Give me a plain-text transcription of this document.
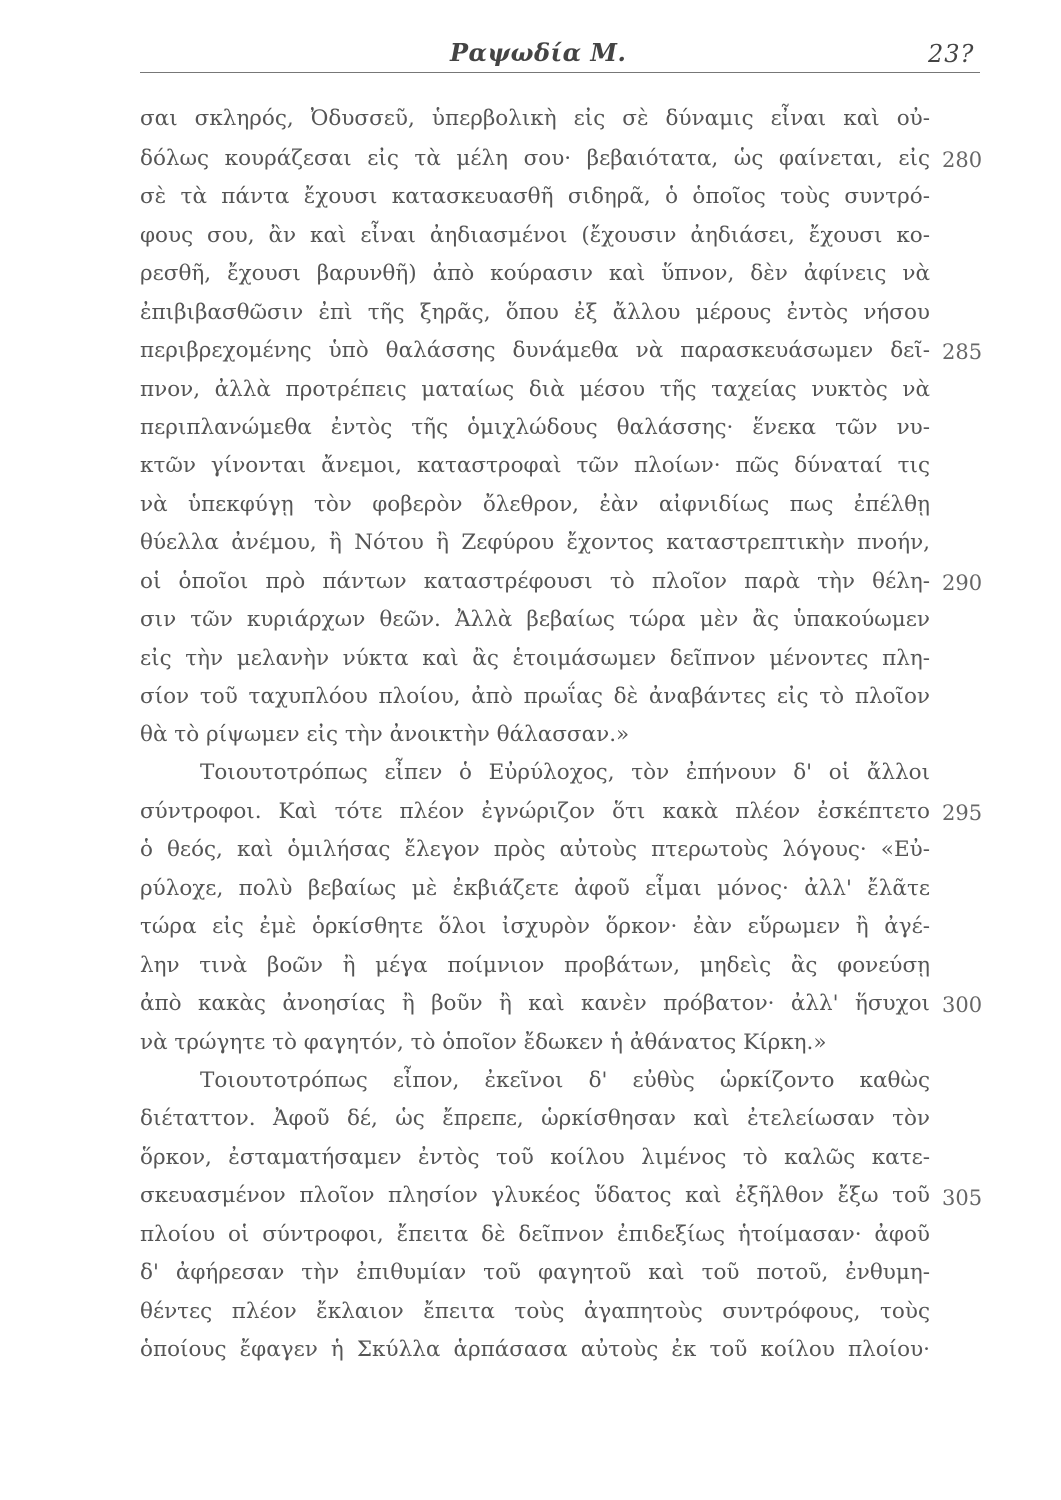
Ραψωδία Μ.	23?
σαι σκληρός, Ὀδυσσεῦ, ὑπερβολικὴ εἰς σὲ δύναμις εἶναι καὶ οὐ-
δόλως κουράζεσαι εἰς τὰ μέλη σου· βεβαιότατα, ὡς φαίνεται, εἰς
σὲ τὰ πάντα ἔχουσι κατασκευασθῆ σιδηρᾶ, ὁ ὁποῖος τοὺς συντρό-
φους σου, ἂν καὶ εἶναι ἀηδιασμένοι (ἔχουσιν ἀηδιάσει, ἔχουσι κο-
ρεσθῆ, ἔχουσι βαρυνθῆ) ἀπὸ κούρασιν καὶ ὕπνον, δὲν ἀφίνεις νὰ
ἐπιβιβασθῶσιν ἐπὶ τῆς ξηρᾶς, ὅπου ἐξ ἄλλου μέρους ἐντὸς νήσου
περιβρεχομένης ὑπὸ θαλάσσης δυνάμεθα νὰ παρασκευάσωμεν δεῖ-
πνον, ἀλλὰ προτρέπεις ματαίως διὰ μέσου τῆς ταχείας νυκτὸς νὰ
περιπλανώμεθα ἐντὸς τῆς ὁμιχλώδους θαλάσσης· ἕνεκα τῶν νυ-
κτῶν γίνονται ἄνεμοι, καταστροφαὶ τῶν πλοίων· πῶς δύναταί τις
νὰ ὑπεκφύγῃ τὸν φοβερὸν ὄλεθρον, ἐὰν αἰφνιδίως πως ἐπέλθῃ
θύελλα ἀνέμου, ἢ Νότου ἢ Ζεφύρου ἔχοντος καταστρεπτικὴν πνοήν,
οἱ ὁποῖοι πρὸ πάντων καταστρέφουσι τὸ πλοῖον παρὰ τὴν θέλη-
σιν τῶν κυριάρχων θεῶν. Ἀλλὰ βεβαίως τώρα μὲν ἂς ὑπακούωμεν
εἰς τὴν μελανὴν νύκτα καὶ ἂς ἑτοιμάσωμεν δεῖπνον μένοντες πλη-
σίον τοῦ ταχυπλόου πλοίου, ἀπὸ πρωΐας δὲ ἀναβάντες εἰς τὸ πλοῖον
θὰ τὸ ρίψωμεν εἰς τὴν ἀνοικτὴν θάλασσαν.»
Τοιουτοτρόπως εἶπεν ὁ Εὐρύλοχος, τὸν ἐπήνουν δ' οἱ ἄλλοι
σύντροφοι. Καὶ τότε πλέον ἐγνώριζον ὅτι κακὰ πλέον ἐσκέπτετο
ὁ θεός, καὶ ὁμιλήσας ἔλεγον πρὸς αὐτοὺς πτερωτοὺς λόγους· «Εὐ-
ρύλοχε, πολὺ βεβαίως μὲ ἐκβιάζετε ἀφοῦ εἶμαι μόνος· ἀλλ' ἔλᾶτε
τώρα εἰς ἐμὲ ὁρκίσθητε ὅλοι ἰσχυρὸν ὅρκον· ἐὰν εὕρωμεν ἢ ἀγέ-
λην τινὰ βοῶν ἢ μέγα ποίμνιον προβάτων, μηδεὶς ἂς φονεύσῃ
ἀπὸ κακὰς ἀνοησίας ἢ βοῦν ἢ καὶ κανὲν πρόβατον· ἀλλ' ἥσυχοι
νὰ τρώγητε τὸ φαγητόν, τὸ ὁποῖον ἔδωκεν ἡ ἀθάνατος Κίρκη.»
Τοιουτοτρόπως εἶπον, ἐκεῖνοι δ' εὐθὺς ὡρκίζοντο καθὼς
διέταττον. Ἀφοῦ δέ, ὡς ἔπρεπε, ὡρκίσθησαν καὶ ἐτελείωσαν τὸν
ὅρκον, ἐσταματήσαμεν ἐντὸς τοῦ κοίλου λιμένος τὸ καλῶς κατε-
σκευασμένον πλοῖον πλησίον γλυκέος ὕδατος καὶ ἐξῆλθον ἔξω τοῦ
πλοίου οἱ σύντροφοι, ἔπειτα δὲ δεῖπνον ἐπιδεξίως ἡτοίμασαν· ἀφοῦ
δ' ἀφήρεσαν τὴν ἐπιθυμίαν τοῦ φαγητοῦ καὶ τοῦ ποτοῦ, ἐνθυμη-
θέντες πλέον ἔκλαιον ἔπειτα τοὺς ἀγαπητοὺς συντρόφους, τοὺς
ὁποίους ἔφαγεν ἡ Σκύλλα ἁρπάσασα αὐτοὺς ἐκ τοῦ κοίλου πλοίου·
280
285
290
295
300
305
